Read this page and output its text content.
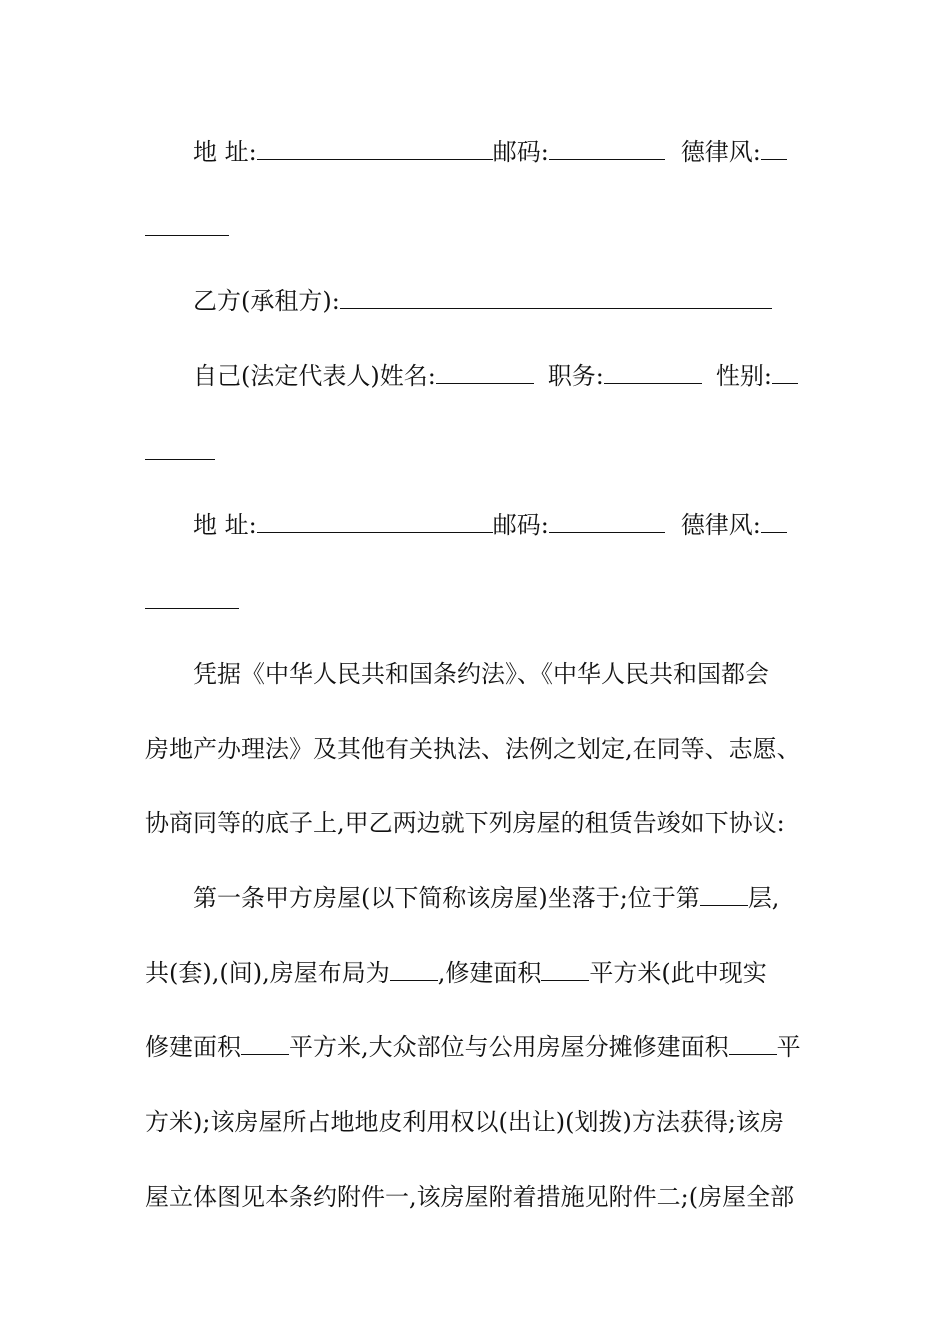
地 址:	邮码:	德律风:
乙方(承租方):
自己(法定代表人)姓名:	职务:	性别:
地 址:	邮码:	德律风:
凭据《中华人民共和国条约法》、《中华人民共和国都会
房地产办理法》及其他有关执法、法例之划定,在同等、志愿、
协商同等的底子上,甲乙两边就下列房屋的租赁告竣如下协议:
第一条甲方房屋(以下简称该房屋)坐落于;位于第 层,
共(套),(间),房屋布局为 ,修建面积 平方米(此中现实
修建面积 平方米,大众部位与公用房屋分摊修建面积 平
方米);该房屋所占地地皮利用权以(出让)(划拨)方法获得;该房
屋立体图见本条约附件一,该房屋附着措施见附件二;(房屋全部
